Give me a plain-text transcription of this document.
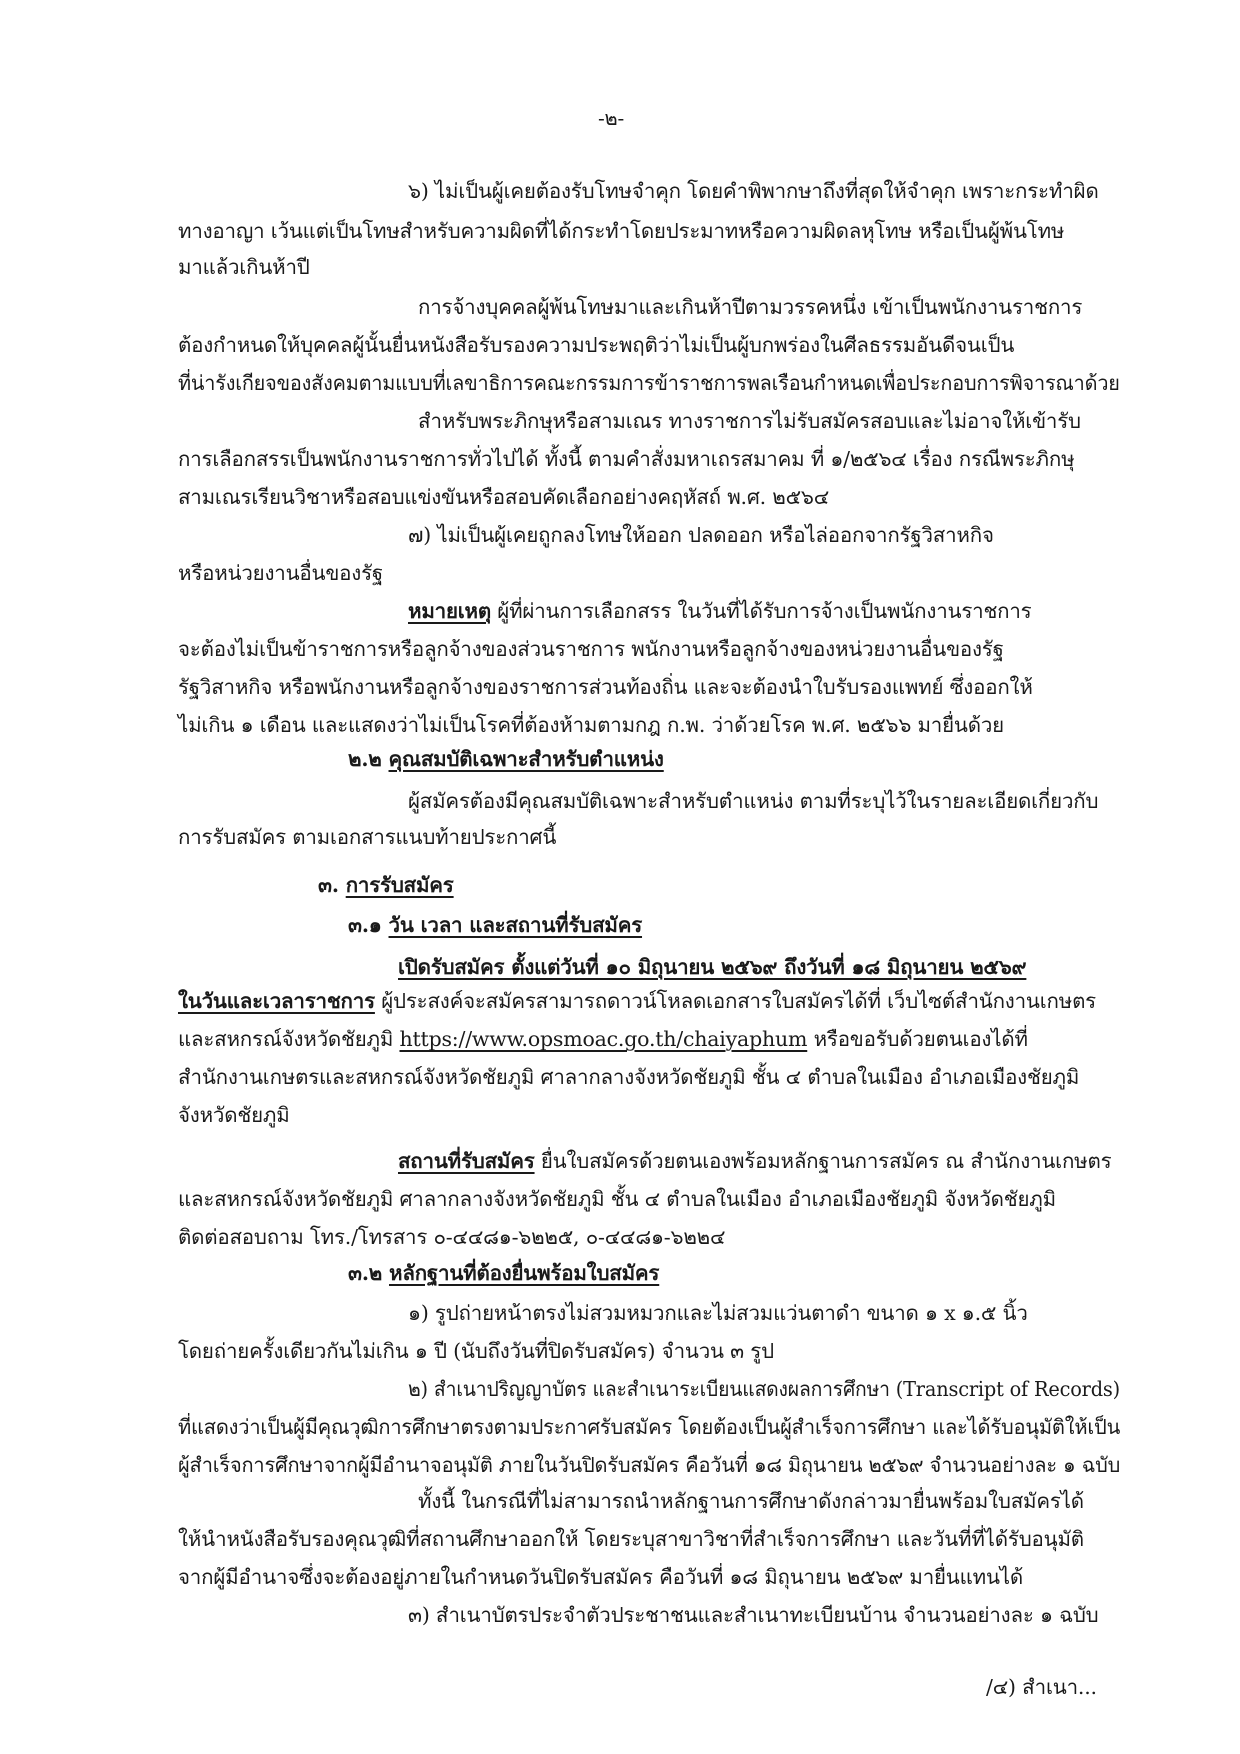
-๒-
๖) ไม่เป็นผู้เคยต้องรับโทษจำคุก โดยคำพิพากษาถึงที่สุดให้จำคุก เพราะกระทำผิด
ทางอาญา เว้นแต่เป็นโทษสำหรับความผิดที่ได้กระทำโดยประมาทหรือความผิดลหุโทษ หรือเป็นผู้พ้นโทษ
มาแล้วเกินห้าปี
การจ้างบุคคลผู้พ้นโทษมาและเกินห้าปีตามวรรคหนึ่ง เข้าเป็นพนักงานราชการ
ต้องกำหนดให้บุคคลผู้นั้นยื่นหนังสือรับรองความประพฤติว่าไม่เป็นผู้บกพร่องในศีลธรรมอันดีจนเป็น
ที่น่ารังเกียจของสังคมตามแบบที่เลขาธิการคณะกรรมการข้าราชการพลเรือนกำหนดเพื่อประกอบการพิจารณาด้วย
สำหรับพระภิกษุหรือสามเณร ทางราชการไม่รับสมัครสอบและไม่อาจให้เข้ารับ
การเลือกสรรเป็นพนักงานราชการทั่วไปได้ ทั้งนี้ ตามคำสั่งมหาเถรสมาคม ที่ ๑/๒๕๖๔ เรื่อง กรณีพระภิกษุ
สามเณรเรียนวิชาหรือสอบแข่งขันหรือสอบคัดเลือกอย่างคฤหัสถ์ พ.ศ. ๒๕๖๔
๗) ไม่เป็นผู้เคยถูกลงโทษให้ออก ปลดออก หรือไล่ออกจากรัฐวิสาหกิจ
หรือหน่วยงานอื่นของรัฐ
หมายเหตุ ผู้ที่ผ่านการเลือกสรร ในวันที่ได้รับการจ้างเป็นพนักงานราชการ
จะต้องไม่เป็นข้าราชการหรือลูกจ้างของส่วนราชการ พนักงานหรือลูกจ้างของหน่วยงานอื่นของรัฐ
รัฐวิสาหกิจ หรือพนักงานหรือลูกจ้างของราชการส่วนท้องถิ่น และจะต้องนำใบรับรองแพทย์ ซึ่งออกให้
ไม่เกิน ๑ เดือน และแสดงว่าไม่เป็นโรคที่ต้องห้ามตามกฎ ก.พ. ว่าด้วยโรค พ.ศ. ๒๕๖๖ มายื่นด้วย
๒.๒ คุณสมบัติเฉพาะสำหรับตำแหน่ง
ผู้สมัครต้องมีคุณสมบัติเฉพาะสำหรับตำแหน่ง ตามที่ระบุไว้ในรายละเอียดเกี่ยวกับ
การรับสมัคร ตามเอกสารแนบท้ายประกาศนี้
๓. การรับสมัคร
๓.๑ วัน เวลา และสถานที่รับสมัคร
เปิดรับสมัคร ตั้งแต่วันที่ ๑๐ มิถุนายน ๒๕๖๙ ถึงวันที่ ๑๘ มิถุนายน ๒๕๖๙
ในวันและเวลาราชการ ผู้ประสงค์จะสมัครสามารถดาวน์โหลดเอกสารใบสมัครได้ที่ เว็บไซต์สำนักงานเกษตร
และสหกรณ์จังหวัดชัยภูมิ https://www.opsmoac.go.th/chaiyaphum หรือขอรับด้วยตนเองได้ที่
สำนักงานเกษตรและสหกรณ์จังหวัดชัยภูมิ ศาลากลางจังหวัดชัยภูมิ ชั้น ๔ ตำบลในเมือง อำเภอเมืองชัยภูมิ
จังหวัดชัยภูมิ
สถานที่รับสมัคร ยื่นใบสมัครด้วยตนเองพร้อมหลักฐานการสมัคร ณ สำนักงานเกษตร
และสหกรณ์จังหวัดชัยภูมิ ศาลากลางจังหวัดชัยภูมิ ชั้น ๔ ตำบลในเมือง อำเภอเมืองชัยภูมิ จังหวัดชัยภูมิ
ติดต่อสอบถาม โทร./โทรสาร ๐-๔๔๘๑-๖๒๒๕, ๐-๔๔๘๑-๖๒๒๔
๓.๒ หลักฐานที่ต้องยื่นพร้อมใบสมัคร
๑) รูปถ่ายหน้าตรงไม่สวมหมวกและไม่สวมแว่นตาดำ ขนาด ๑ x ๑.๕ นิ้ว
โดยถ่ายครั้งเดียวกันไม่เกิน ๑ ปี (นับถึงวันที่ปิดรับสมัคร) จำนวน ๓ รูป
๒) สำเนาปริญญาบัตร และสำเนาระเบียนแสดงผลการศึกษา (Transcript of Records)
ที่แสดงว่าเป็นผู้มีคุณวุฒิการศึกษาตรงตามประกาศรับสมัคร โดยต้องเป็นผู้สำเร็จการศึกษา และได้รับอนุมัติให้เป็น
ผู้สำเร็จการศึกษาจากผู้มีอำนาจอนุมัติ ภายในวันปิดรับสมัคร คือวันที่ ๑๘ มิถุนายน ๒๕๖๙ จำนวนอย่างละ ๑ ฉบับ
ทั้งนี้ ในกรณีที่ไม่สามารถนำหลักฐานการศึกษาดังกล่าวมายื่นพร้อมใบสมัครได้
ให้นำหนังสือรับรองคุณวุฒิที่สถานศึกษาออกให้ โดยระบุสาขาวิชาที่สำเร็จการศึกษา และวันที่ที่ได้รับอนุมัติ
จากผู้มีอำนาจซึ่งจะต้องอยู่ภายในกำหนดวันปิดรับสมัคร คือวันที่ ๑๘ มิถุนายน ๒๕๖๙ มายื่นแทนได้
๓) สำเนาบัตรประจำตัวประชาชนและสำเนาทะเบียนบ้าน จำนวนอย่างละ ๑ ฉบับ
/๔) สำเนา...
